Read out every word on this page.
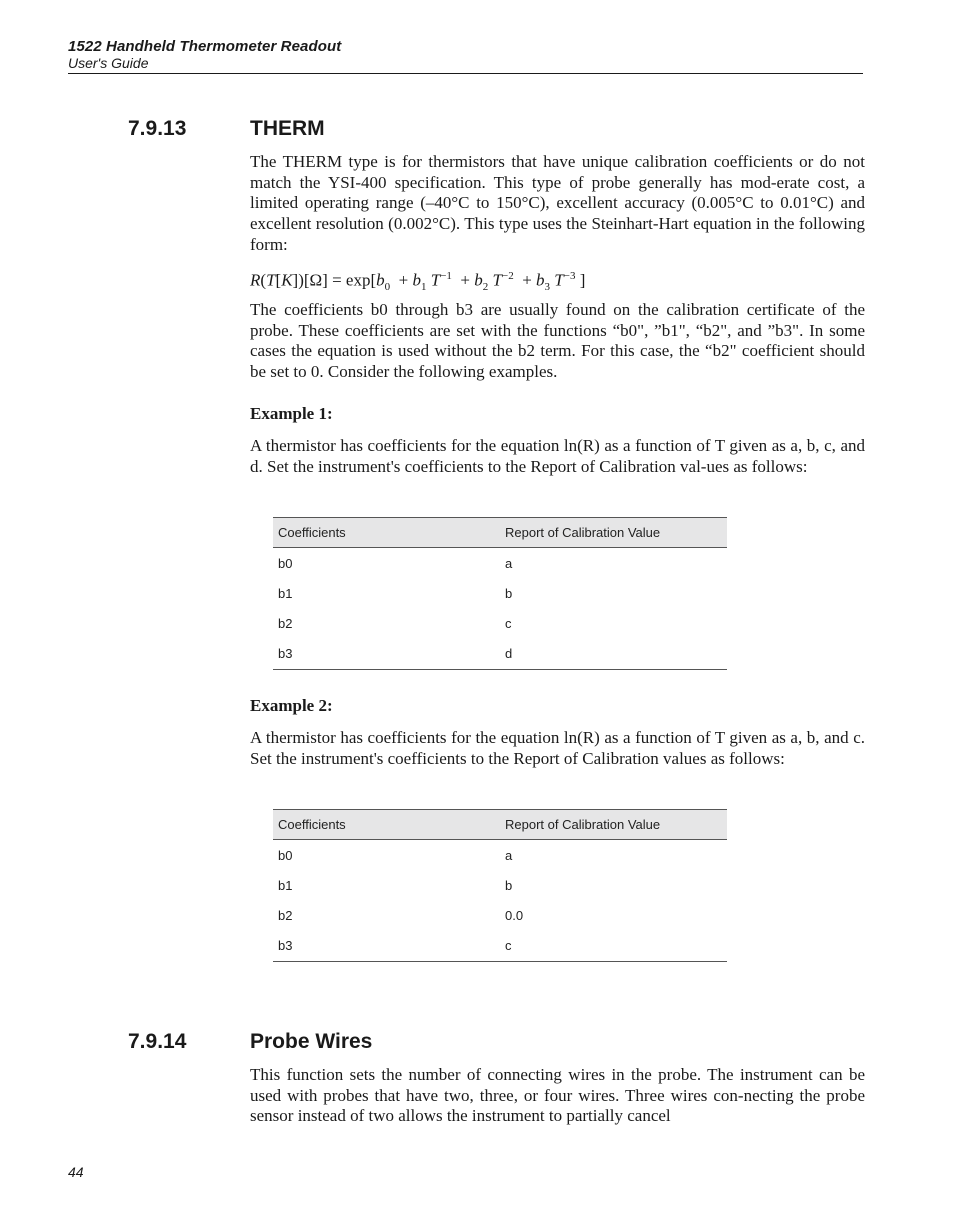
1522 Handheld Thermometer Readout
User's Guide
7.9.13	THERM

The THERM type is for thermistors that have unique calibration coefficients or do not match the YSI-400 specification. This type of probe generally has mod-erate cost, a limited operating range (–40°C to 150°C), excellent accuracy (0.005°C to 0.01°C) and excellent resolution (0.002°C). This type uses the Steinhart-Hart equation in the following form:

$R(T[K])[\Omega] = \exp[b_0 + b_1$ $T^{-1} + b_2$ $T^{-2} + b_3$ $T^{-3}$ ]

The coefficients b0 through b3 are usually found on the calibration certificate of the probe. These coefficients are set with the functions “b0", ”b1", “b2", and ”b3". In some cases the equation is used without the b2 term. For this case, the “b2" coefficient should be set to 0. Consider the following examples.

Example 1:

A thermistor has coefficients for the equation ln(R) as a function of T given as a, b, c, and d. Set the instrument's coefficients to the Report of Calibration val-ues as follows:

Coefficients	Report of Calibration Value
b0	a
b1	b
b2	c
b3	d
Example 2:

A thermistor has coefficients for the equation ln(R) as a function of T given as a, b, and c. Set the instrument's coefficients to the Report of Calibration values as follows:

Coefficients	Report of Calibration Value
b0	a
b1	b
b2	0.0
b3	c
7.9.14	Probe Wires

This function sets the number of connecting wires in the probe. The instrument can be used with probes that have two, three, or four wires. Three wires con-necting the probe sensor instead of two allows the instrument to partially cancel

44
